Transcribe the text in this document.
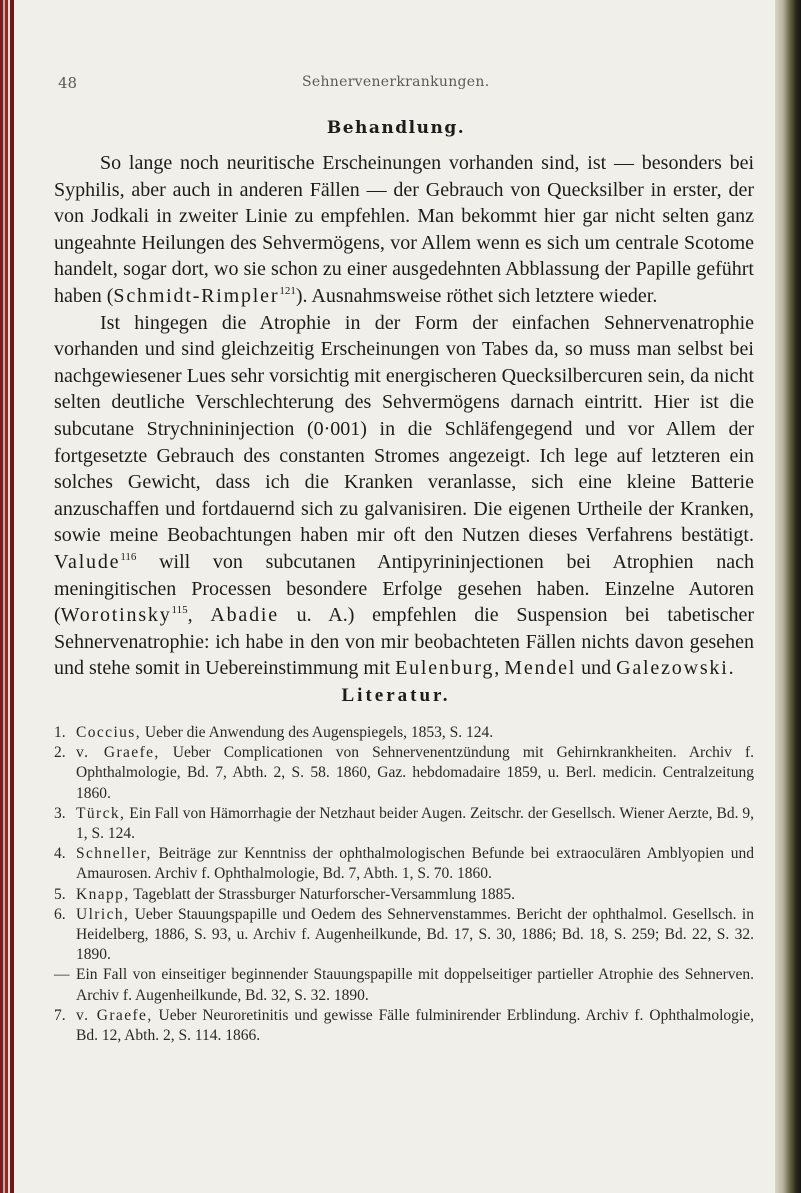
48	Sehnervenerkrankungen.
Behandlung.

So lange noch neuritische Erscheinungen vorhanden sind, ist — besonders bei Syphilis, aber auch in anderen Fällen — der Gebrauch von Quecksilber in erster, der von Jodkali in zweiter Linie zu empfehlen. Man bekommt hier gar nicht selten ganz ungeahnte Heilungen des Sehvermögens, vor Allem wenn es sich um centrale Scotome handelt, sogar dort, wo sie schon zu einer ausgedehnten Abblassung der Papille geführt haben (Schmidt-Rimpler$^{121}$). Ausnahmsweise röthet sich letztere wieder.

Ist hingegen die Atrophie in der Form der einfachen Sehnervenatrophie vorhanden und sind gleichzeitig Erscheinungen von Tabes da, so muss man selbst bei nachgewiesener Lues sehr vorsichtig mit energischeren Quecksilbercuren sein, da nicht selten deutliche Verschlechterung des Sehvermögens darnach eintritt. Hier ist die subcutane Strychnininjection (0·001) in die Schläfengegend und vor Allem der fortgesetzte Gebrauch des constanten Stromes angezeigt. Ich lege auf letzteren ein solches Gewicht, dass ich die Kranken veranlasse, sich eine kleine Batterie anzuschaffen und fortdauernd sich zu galvanisiren. Die eigenen Urtheile der Kranken, sowie meine Beobachtungen haben mir oft den Nutzen dieses Verfahrens bestätigt. Valude$^{116}$ will von subcutanen Antipyrininjectionen bei Atrophien nach meningitischen Processen besondere Erfolge gesehen haben. Einzelne Autoren (Worotinsky$^{115}$, Abadie u. A.) empfehlen die Suspension bei tabetischer Sehnervenatrophie: ich habe in den von mir beobachteten Fällen nichts davon gesehen und stehe somit in Uebereinstimmung mit Eulenburg, Mendel und Galezowski.

Literatur.
1. Coccius, Ueber die Anwendung des Augenspiegels, 1853, S. 124.
2. v. Graefe, Ueber Complicationen von Sehnervenentzündung mit Gehirnkrankheiten. Archiv f. Ophthalmologie, Bd. 7, Abth. 2, S. 58. 1860, Gaz. hebdomadaire 1859, u. Berl. medicin. Centralzeitung 1860.
3. Türck, Ein Fall von Hämorrhagie der Netzhaut beider Augen. Zeitschr. der Gesellsch. Wiener Aerzte, Bd. 9, 1, S. 124.
4. Schneller, Beiträge zur Kenntniss der ophthalmologischen Befunde bei extraoculären Amblyopien und Amaurosen. Archiv f. Ophthalmologie, Bd. 7, Abth. 1, S. 70. 1860.
5. Knapp, Tageblatt der Strassburger Naturforscher-Versammlung 1885.
6. Ulrich, Ueber Stauungspapille und Oedem des Sehnervenstammes. Bericht der ophthalmol. Gesellsch. in Heidelberg, 1886, S. 93, u. Archiv f. Augenheilkunde, Bd. 17, S. 30, 1886; Bd. 18, S. 259; Bd. 22, S. 32. 1890.
— Ein Fall von einseitiger beginnender Stauungspapille mit doppelseitiger partieller Atrophie des Sehnerven. Archiv f. Augenheilkunde, Bd. 32, S. 32. 1890.
7. v. Graefe, Ueber Neuroretinitis und gewisse Fälle fulminirender Erblindung. Archiv f. Ophthalmologie, Bd. 12, Abth. 2, S. 114. 1866.
